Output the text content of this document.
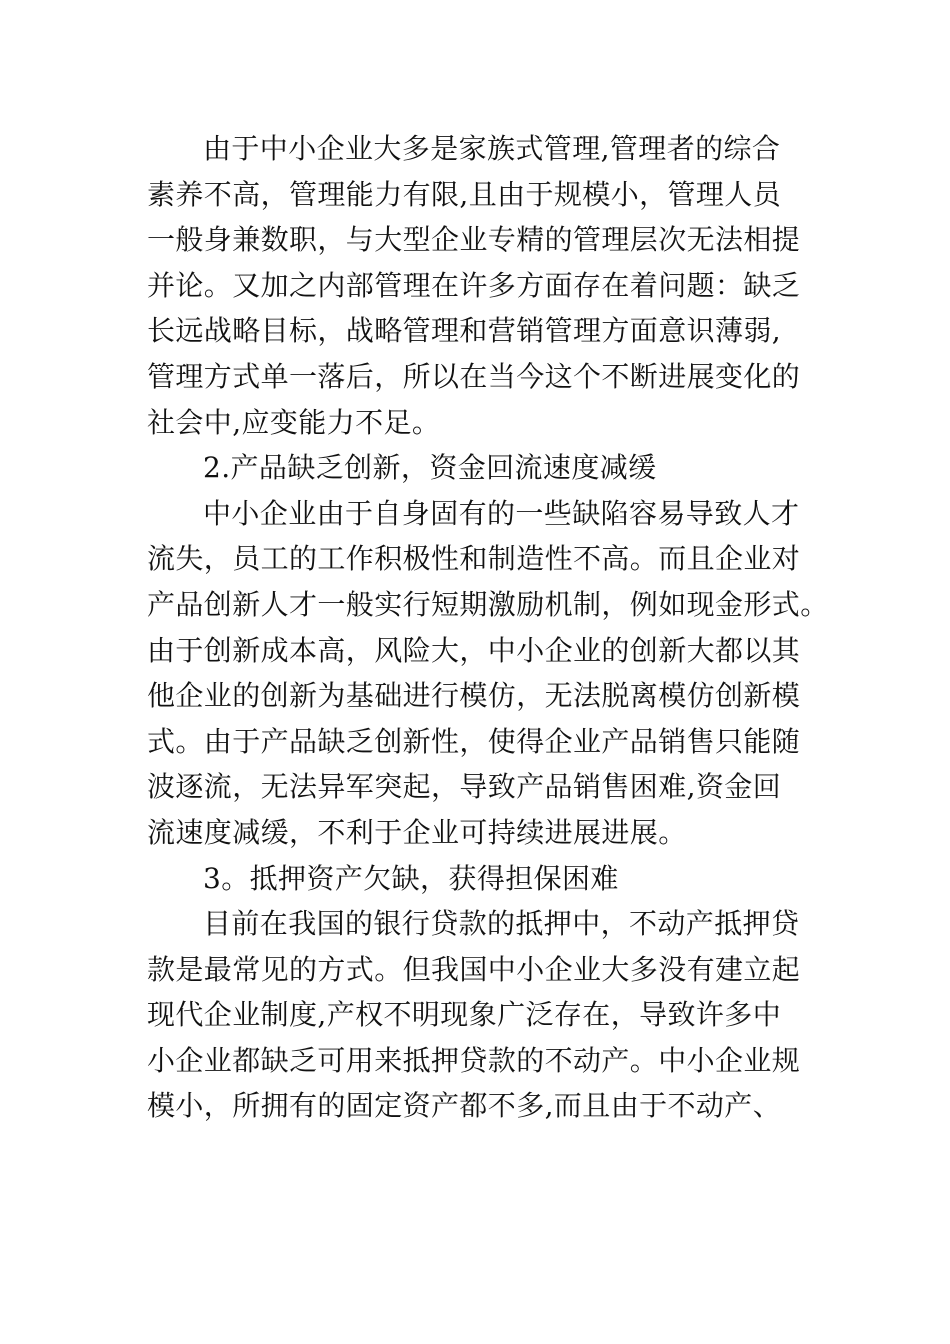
由于中小企业大多是家族式管理,管理者的综合
素养不高，管理能力有限,且由于规模小，管理人员
一般身兼数职，与大型企业专精的管理层次无法相提
并论。又加之内部管理在许多方面存在着问题：缺乏
长远战略目标，战略管理和营销管理方面意识薄弱,
管理方式单一落后，所以在当今这个不断进展变化的
社会中,应变能力不足。
2.产品缺乏创新，资金回流速度减缓
中小企业由于自身固有的一些缺陷容易导致人才
流失，员工的工作积极性和制造性不高。而且企业对
产品创新人才一般实行短期激励机制，例如现金形式。
由于创新成本高，风险大，中小企业的创新大都以其
他企业的创新为基础进行模仿，无法脱离模仿创新模
式。由于产品缺乏创新性，使得企业产品销售只能随
波逐流，无法异军突起，导致产品销售困难,资金回
流速度减缓，不利于企业可持续进展进展。
3。抵押资产欠缺，获得担保困难
目前在我国的银行贷款的抵押中，不动产抵押贷
款是最常见的方式。但我国中小企业大多没有建立起
现代企业制度,产权不明现象广泛存在，导致许多中
小企业都缺乏可用来抵押贷款的不动产。中小企业规
模小，所拥有的固定资产都不多,而且由于不动产、
